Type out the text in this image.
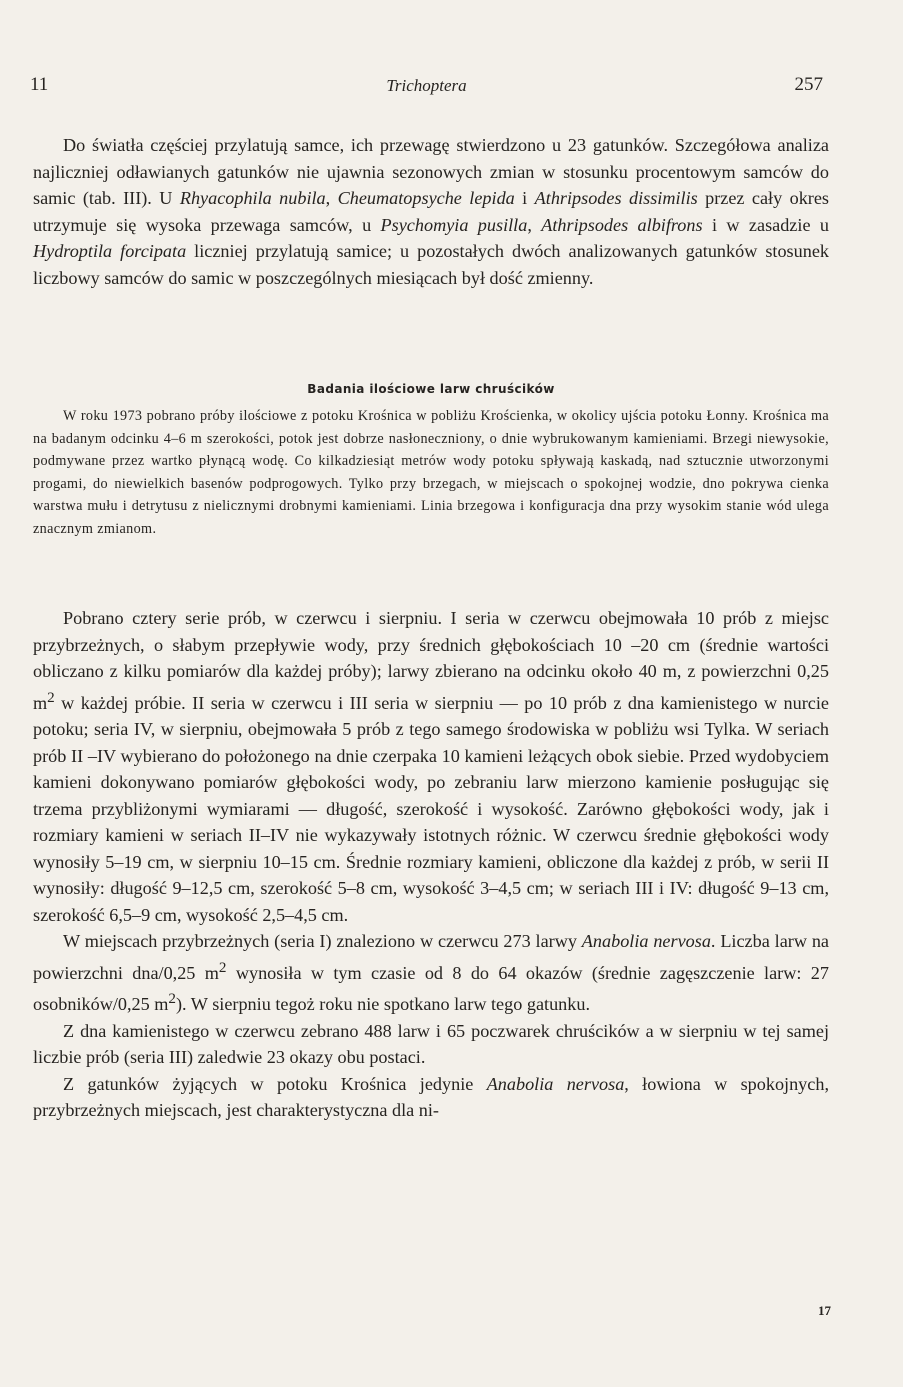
11	Trichoptera	257

Do światła częściej przylatują samce, ich przewagę stwierdzono u 23 gatunków. Szczegółowa analiza najliczniej odławianych gatunków nie ujawnia sezonowych zmian w stosunku procentowym samców do samic (tab. III). U Rhyacophila nubila, Cheumatopsyche lepida i Athripsodes dissimilis przez cały okres utrzymuje się wysoka przewaga samców, u Psychomyia pusilla, Athripsodes albifrons i w zasadzie u Hydroptila forcipata liczniej przylatują samice; u pozostałych dwóch analizowanych gatunków stosunek liczbowy samców do samic w poszczególnych miesiącach był dość zmienny.

Badania ilościowe larw chruścików

W roku 1973 pobrano próby ilościowe z potoku Krośnica w pobliżu Krościenka, w okolicy ujścia potoku Łonny. Krośnica ma na badanym odcinku 4–6 m szerokości, potok jest dobrze nasłoneczniony, o dnie wybrukowanym kamieniami. Brzegi niewysokie, podmywane przez wartko płynącą wodę. Co kilkadziesiąt metrów wody potoku spływają kaskadą, nad sztucznie utworzonymi progami, do niewielkich basenów podprogowych. Tylko przy brzegach, w miejscach o spokojnej wodzie, dno pokrywa cienka warstwa mułu i detrytusu z nielicznymi drobnymi kamieniami. Linia brzegowa i konfiguracja dna przy wysokim stanie wód ulega znacznym zmianom.

Pobrano cztery serie prób, w czerwcu i sierpniu. I seria w czerwcu obejmowała 10 prób z miejsc przybrzeżnych, o słabym przepływie wody, przy średnich głębokościach 10 –20 cm (średnie wartości obliczano z kilku pomiarów dla każdej próby); larwy zbierano na odcinku około 40 m, z powierzchni 0,25 $m^2$ w każdej próbie. II seria w czerwcu i III seria w sierpniu — po 10 prób z dna kamienistego w nurcie potoku; seria IV, w sierpniu, obejmowała 5 prób z tego samego środowiska w pobliżu wsi Tylka. W seriach prób II –IV wybierano do położonego na dnie czerpaka 10 kamieni leżących obok siebie. Przed wydobyciem kamieni dokonywano pomiarów głębokości wody, po zebraniu larw mierzono kamienie posługując się trzema przybliżonymi wymiarami — długość, szerokość i wysokość. Zarówno głębokości wody, jak i rozmiary kamieni w seriach II–IV nie wykazywały istotnych różnic. W czerwcu średnie głębokości wody wynosiły 5–19 cm, w sierpniu 10–15 cm. Średnie rozmiary kamieni, obliczone dla każdej z prób, w serii II wynosiły: długość 9–12,5 cm, szerokość 5–8 cm, wysokość 3–4,5 cm; w seriach III i IV: długość 9–13 cm, szerokość 6,5–9 cm, wysokość 2,5–4,5 cm.

W miejscach przybrzeżnych (seria I) znaleziono w czerwcu 273 larwy Anabolia nervosa. Liczba larw na powierzchni dna/0,25 $m^2$ wynosiła w tym czasie od 8 do 64 okazów (średnie zagęszczenie larw: 27 osobników/0,25 $m^2$). W sierpniu tegoż roku nie spotkano larw tego gatunku.

Z dna kamienistego w czerwcu zebrano 488 larw i 65 poczwarek chruścików a w sierpniu w tej samej liczbie prób (seria III) zaledwie 23 okazy obu postaci.

Z gatunków żyjących w potoku Krośnica jedynie Anabolia nervosa, łowiona w spokojnych, przybrzeżnych miejscach, jest charakterystyczna dla ni-

17
